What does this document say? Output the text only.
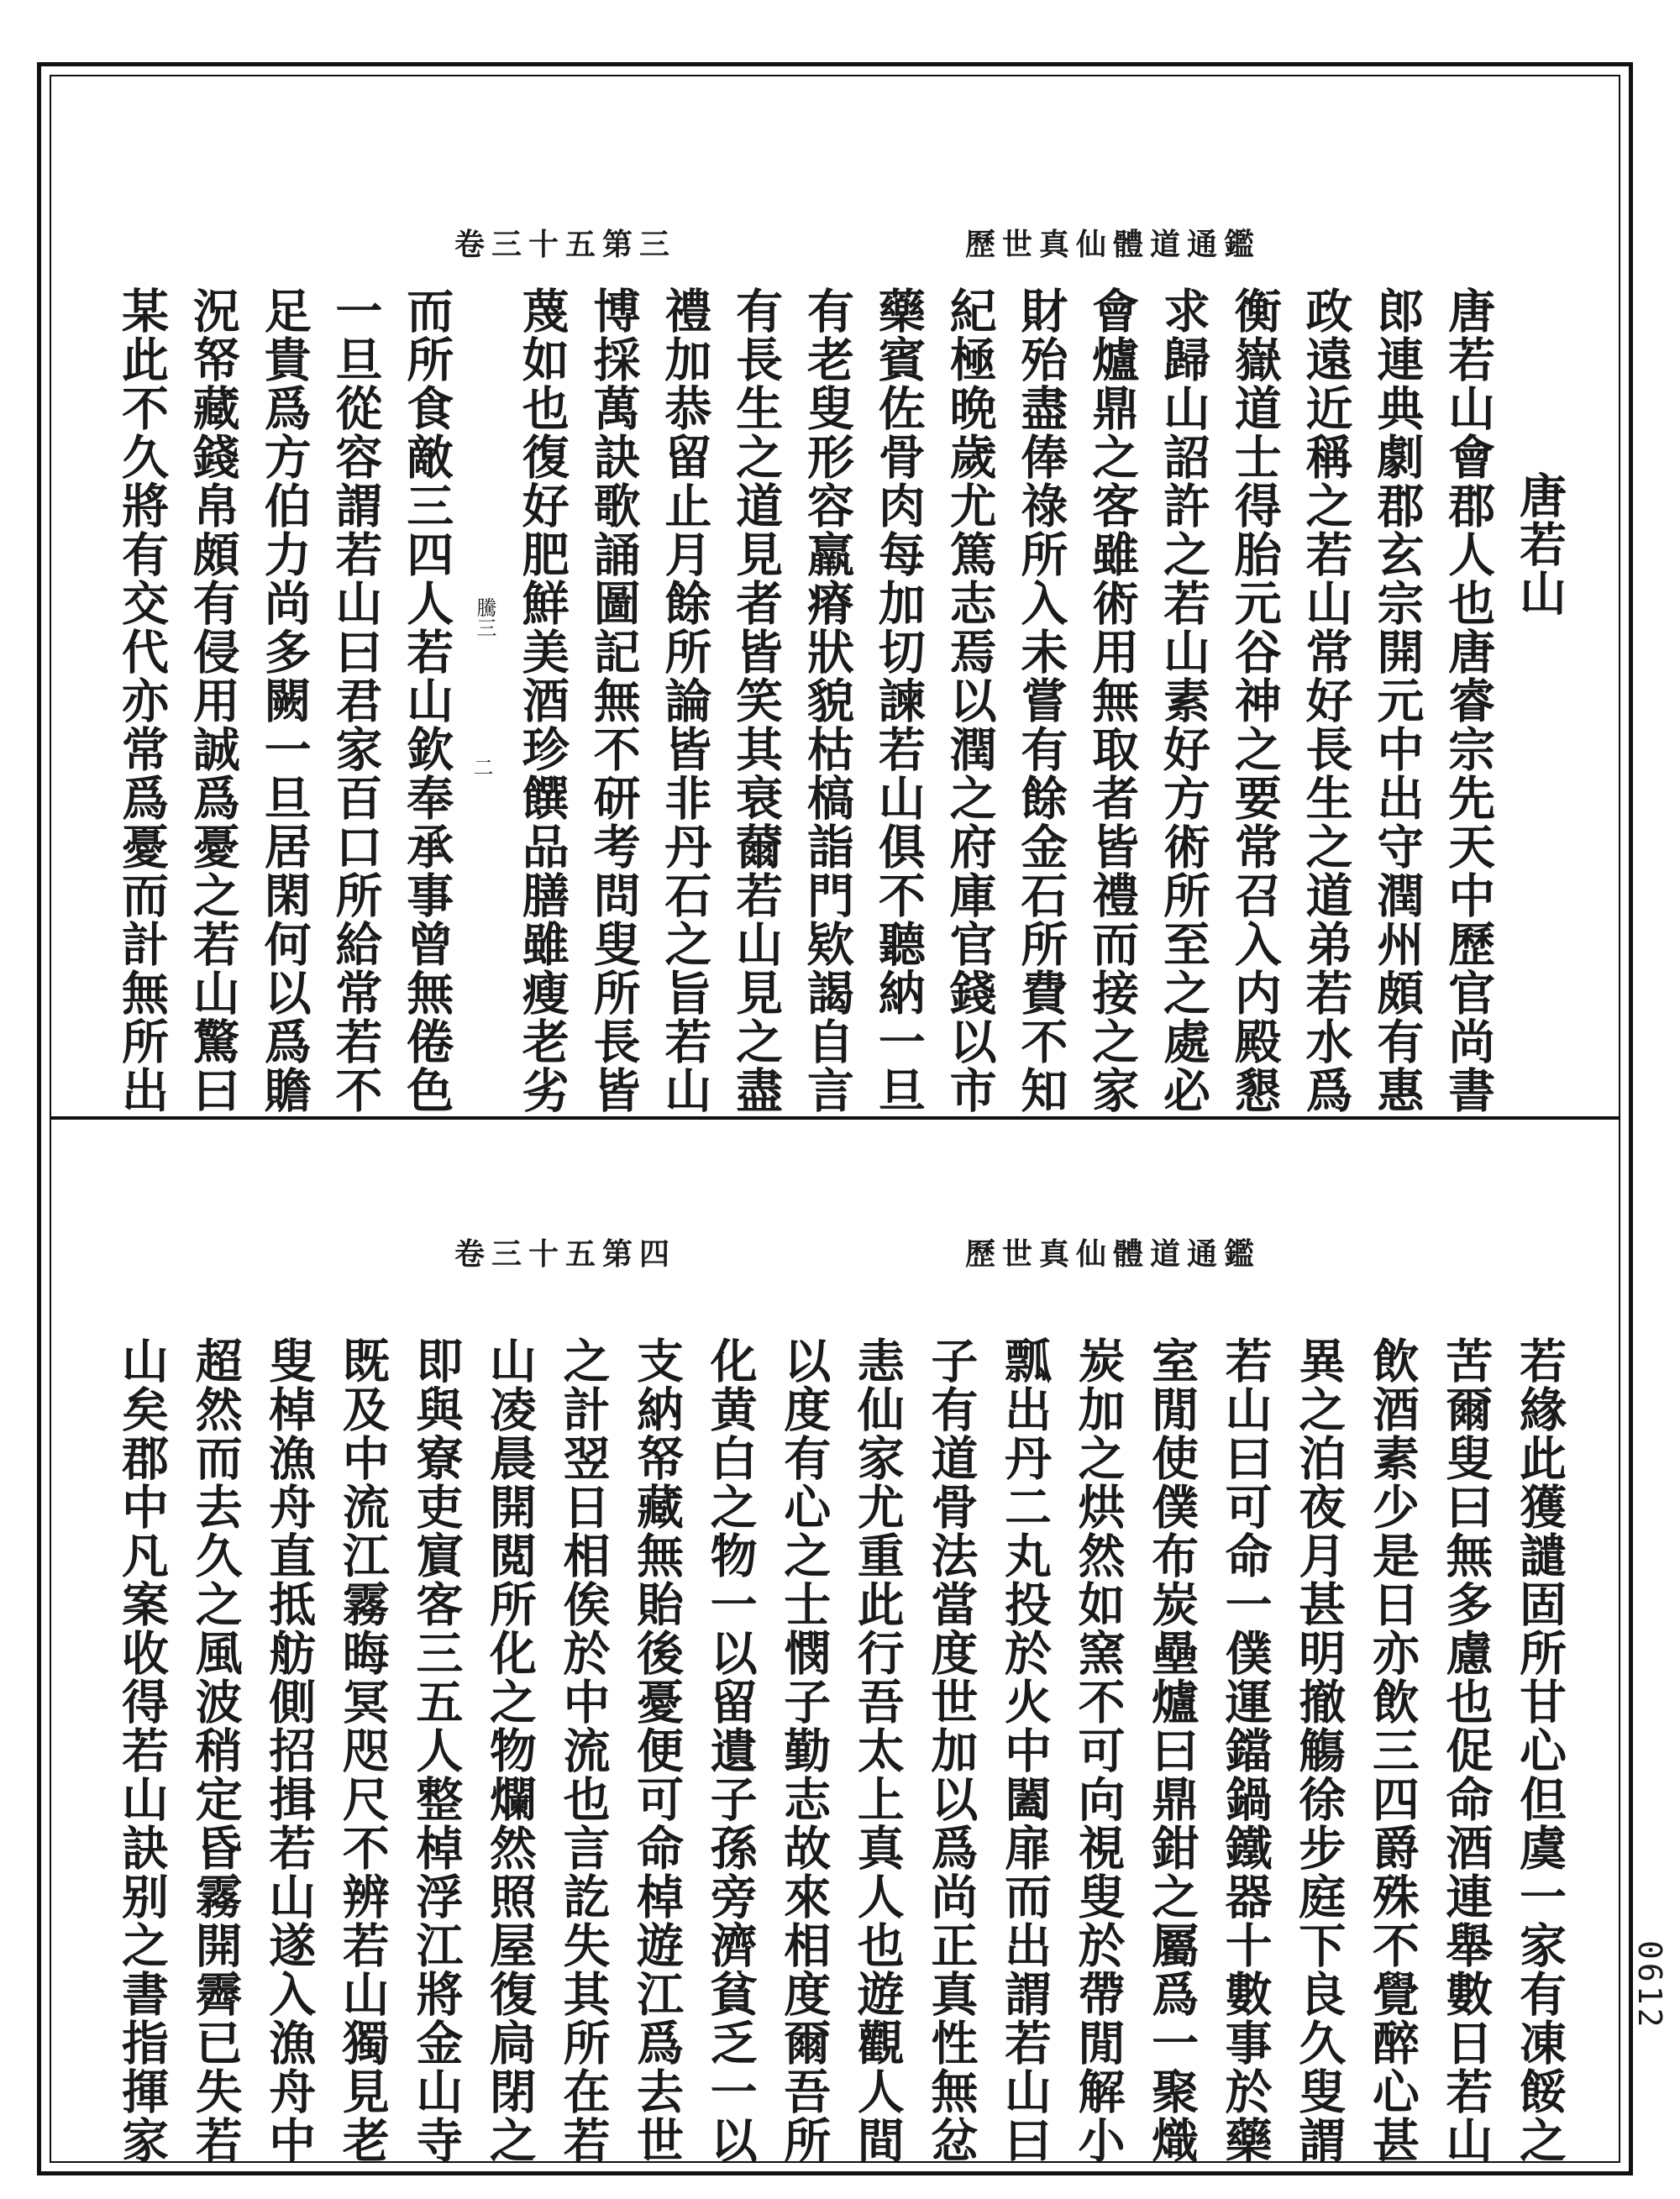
歷世真仙體道通鑑
卷三十五第三
唐若山
唐若山會郡人也唐睿宗先天中歷官尚書
郎連典劇郡玄宗開元中出守潤州頗有惠
政遠近稱之若山常好長生之道弟若水爲
衡嶽道士得胎元谷神之要常召入内殿懇
求歸山詔許之若山素好方術所至之處必
會爐鼎之客雖術用無取者皆禮而接之家
財殆盡俸祿所入未嘗有餘金石所費不知
紀極晩歲尤篤志焉以潤之府庫官錢以市
藥賓佐骨肉每加切諫若山俱不聽納一旦
有老叟形容羸瘠狀貌枯槁詣門欵謁自言
有長生之道見者皆笑其衰薾若山見之盡
禮加恭留止月餘所論皆非丹石之旨若山
博採萬訣歌誦圖記無不研考問叟所長皆
蔑如也復好肥鮮美酒珍饌品膳雖瘦老劣
騰三
而所食敵三四人若山欽奉承事曾無倦色
一旦從容謂若山曰君家百口所給常若不
足貴爲方伯力尚多闕一旦居閑何以爲贍
況帑藏錢帛頗有侵用誠爲憂之若山驚曰
某此不久將有交代亦常爲憂而計無所出	二
歷世真仙體道通鑑
卷三十五第四
若緣此獲譴固所甘心但虞一家有凍餒之
苦爾叟曰無多慮也促命酒連舉數日若山
飲酒素少是日亦飲三四爵殊不覺醉心甚
異之泊夜月甚明撤觴徐步庭下良久叟謂
若山曰可命一僕運鐺鍋鐵器十數事於藥
室閒使僕布炭壘爐曰鼎鉗之屬爲一聚熾
炭加之烘然如窯不可向視叟於帶閒解小
瓢出丹二丸投於火中闔扉而出謂若山曰
子有道骨法當度世加以爲尚正真性無忿
恚仙家尤重此行吾太上真人也遊觀人間
以度有心之士憫子勤志故來相度爾吾所
化黄白之物一以留遺子孫旁濟貧乏一以
支納帑藏無貽後憂便可命棹遊江爲去世
之計翌日相俟於中流也言訖失其所在若
山凌晨開閲所化之物爛然照屋復扃閉之
即與寮吏賔客三五人整棹浮江將金山寺
既及中流江霧晦冥咫尺不辨若山獨見老
叟棹漁舟直抵舫側招揖若山遂入漁舟中
超然而去久之風波稍定昏霧開霽已失若
山矣郡中凡案收得若山訣别之書指揮家	0612
